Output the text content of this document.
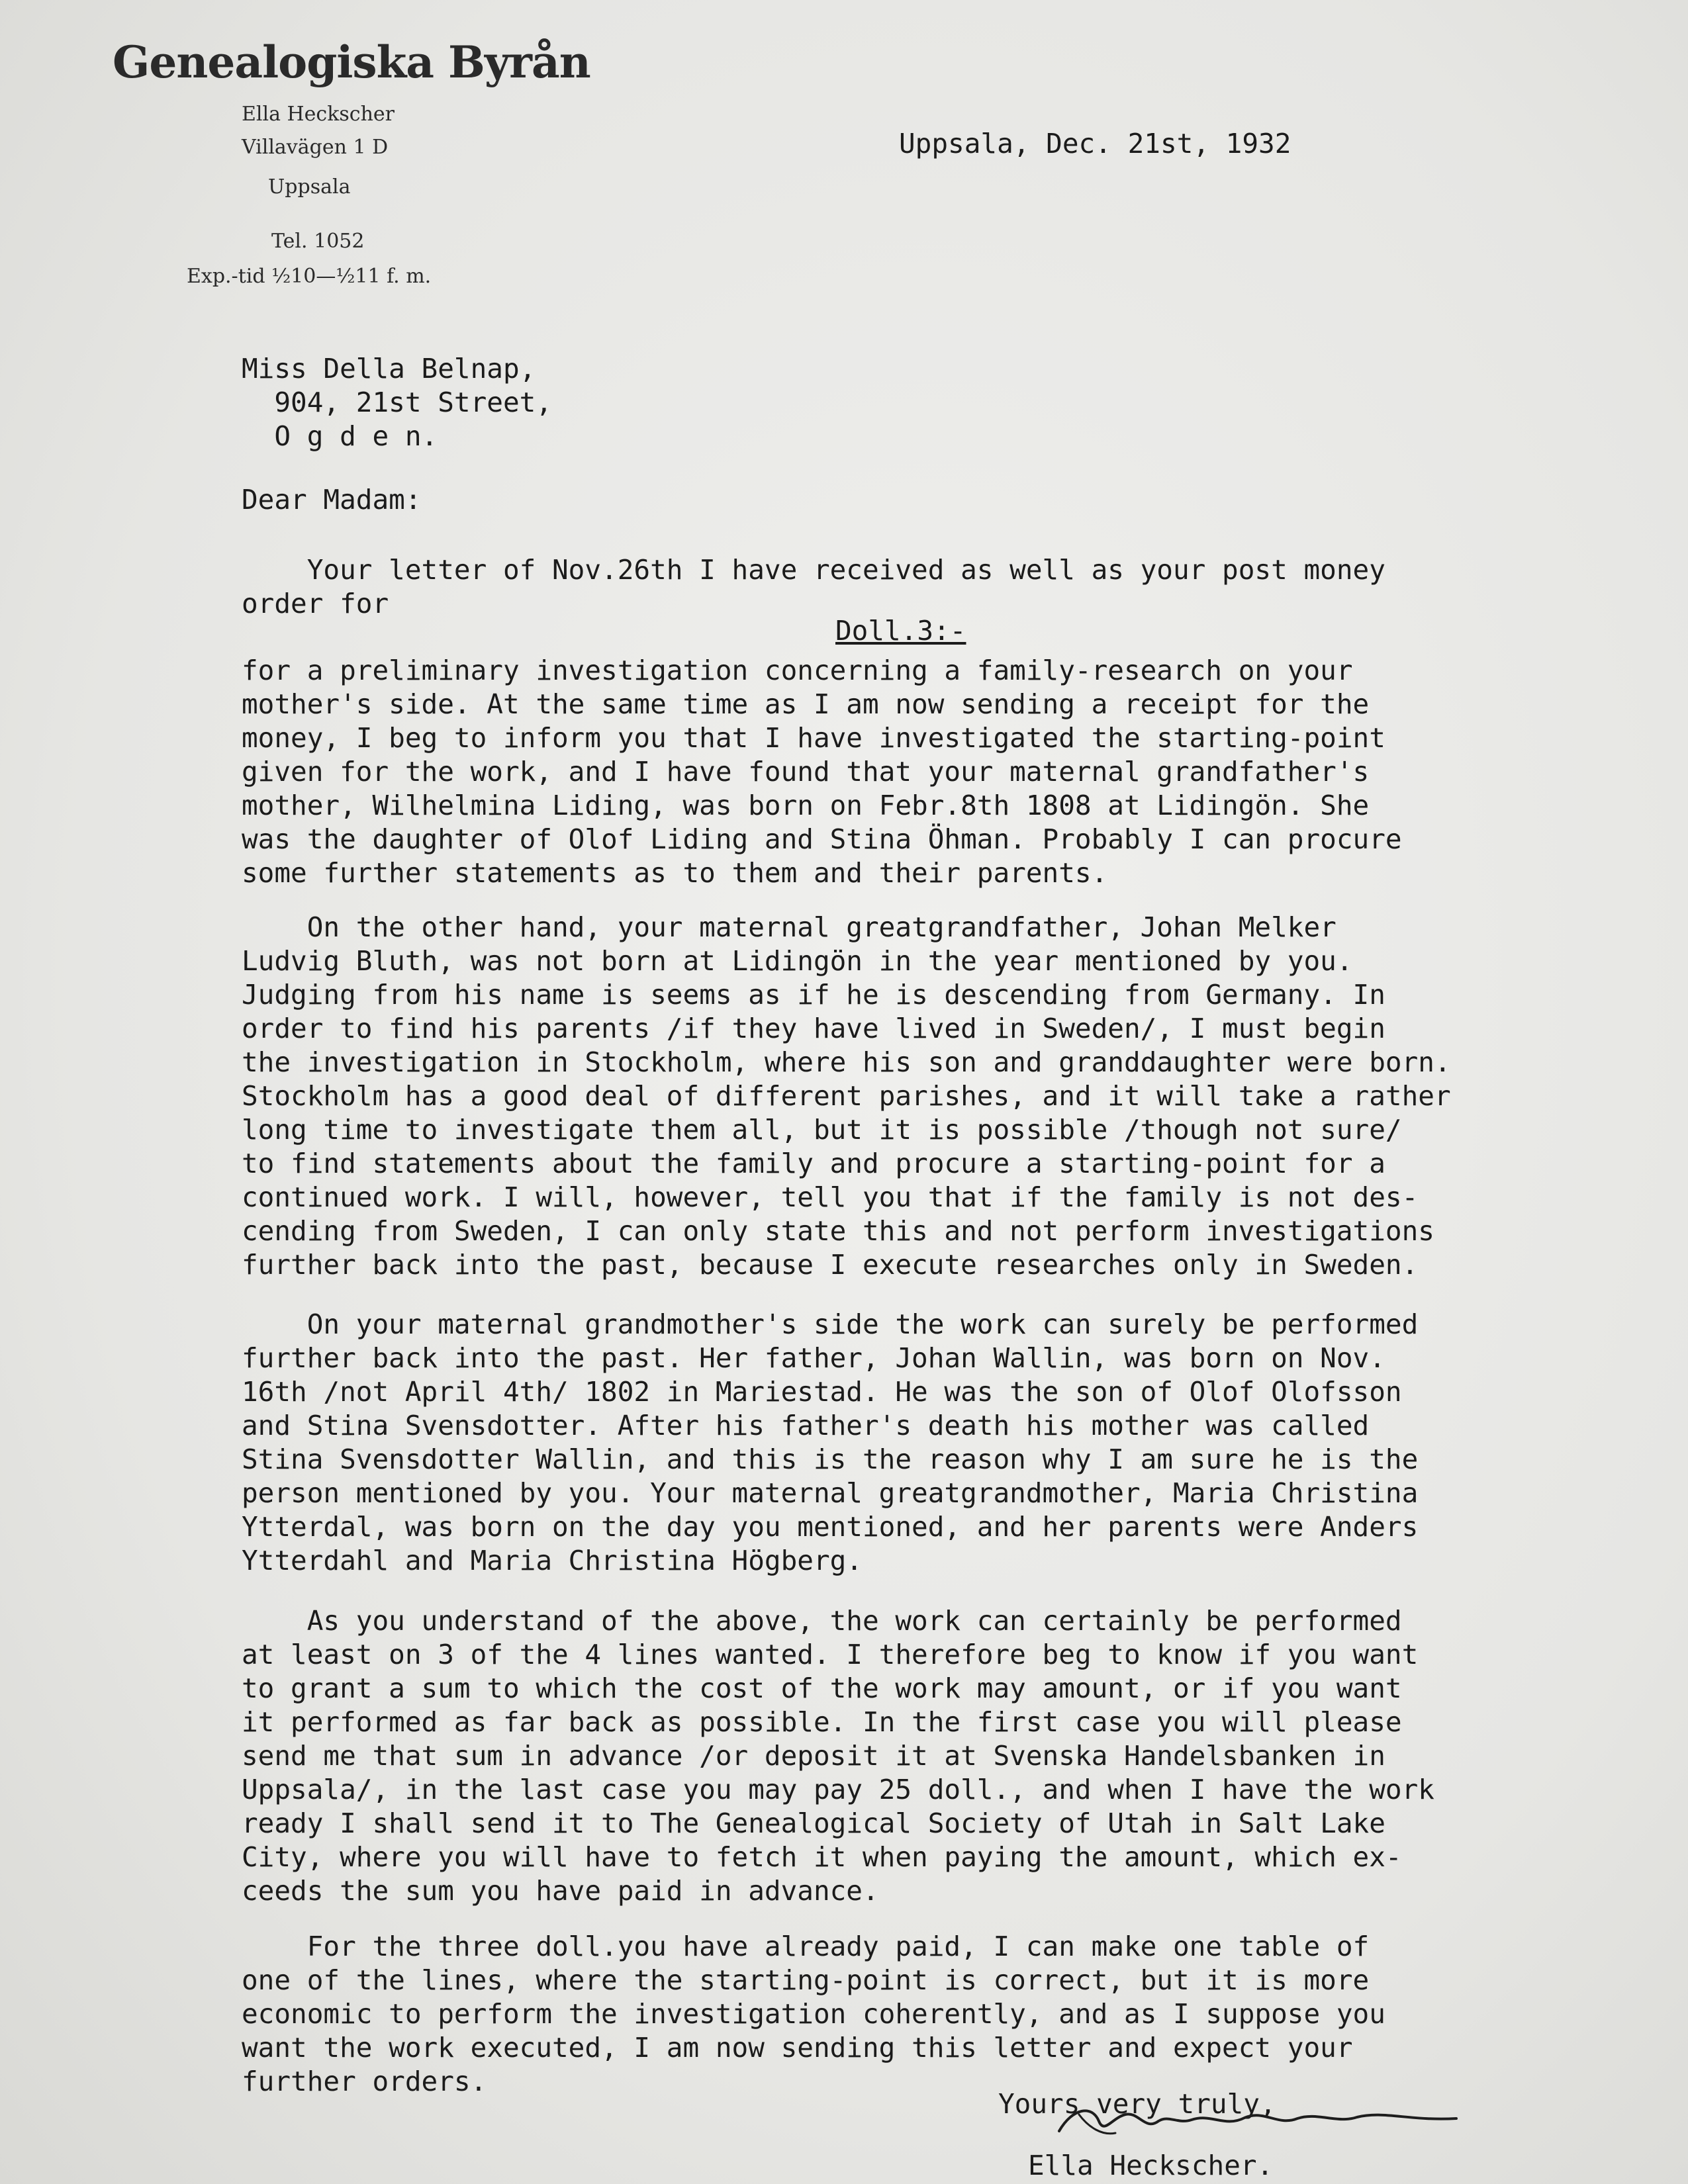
Genealogiska Byrån
Ella Heckscher
Villavägen 1 D
Uppsala
Tel. 1052
Exp.-tid ½10—½11 f. m.
Uppsala, Dec. 21st, 1932
Miss Della Belnap,
904, 21st Street,
O g d e n.
Dear Madam:
Your letter of Nov.26th I have received as well as your post money
order for
Doll.3:-
for a preliminary investigation concerning a family-research on your
mother's side. At the same time as I am now sending a receipt for the
money, I beg to inform you that I have investigated the starting-point
given for the work, and I have found that your maternal grandfather's
mother, Wilhelmina Liding, was born on Febr.8th 1808 at Lidingön. She
was the daughter of Olof Liding and Stina Öhman. Probably I can procure
some further statements as to them and their parents.
On the other hand, your maternal greatgrandfather, Johan Melker
Ludvig Bluth, was not born at Lidingön in the year mentioned by you.
Judging from his name is seems as if he is descending from Germany. In
order to find his parents /if they have lived in Sweden/, I must begin
the investigation in Stockholm, where his son and granddaughter were born.
Stockholm has a good deal of different parishes, and it will take a rather
long time to investigate them all, but it is possible /though not sure/
to find statements about the family and procure a starting-point for a
continued work. I will, however, tell you that if the family is not des-
cending from Sweden, I can only state this and not perform investigations
further back into the past, because I execute researches only in Sweden.
On your maternal grandmother's side the work can surely be performed
further back into the past. Her father, Johan Wallin, was born on Nov.
16th /not April 4th/ 1802 in Mariestad. He was the son of Olof Olofsson
and Stina Svensdotter. After his father's death his mother was called
Stina Svensdotter Wallin, and this is the reason why I am sure he is the
person mentioned by you. Your maternal greatgrandmother, Maria Christina
Ytterdal, was born on the day you mentioned, and her parents were Anders
Ytterdahl and Maria Christina Högberg.
As you understand of the above, the work can certainly be performed
at least on 3 of the 4 lines wanted. I therefore beg to know if you want
to grant a sum to which the cost of the work may amount, or if you want
it performed as far back as possible. In the first case you will please
send me that sum in advance /or deposit it at Svenska Handelsbanken in
Uppsala/, in the last case you may pay 25 doll., and when I have the work
ready I shall send it to The Genealogical Society of Utah in Salt Lake
City, where you will have to fetch it when paying the amount, which ex-
ceeds the sum you have paid in advance.
For the three doll.you have already paid, I can make one table of
one of the lines, where the starting-point is correct, but it is more
economic to perform the investigation coherently, and as I suppose you
want the work executed, I am now sending this letter and expect your
further orders.
Yours very truly,
Ella Heckscher.
